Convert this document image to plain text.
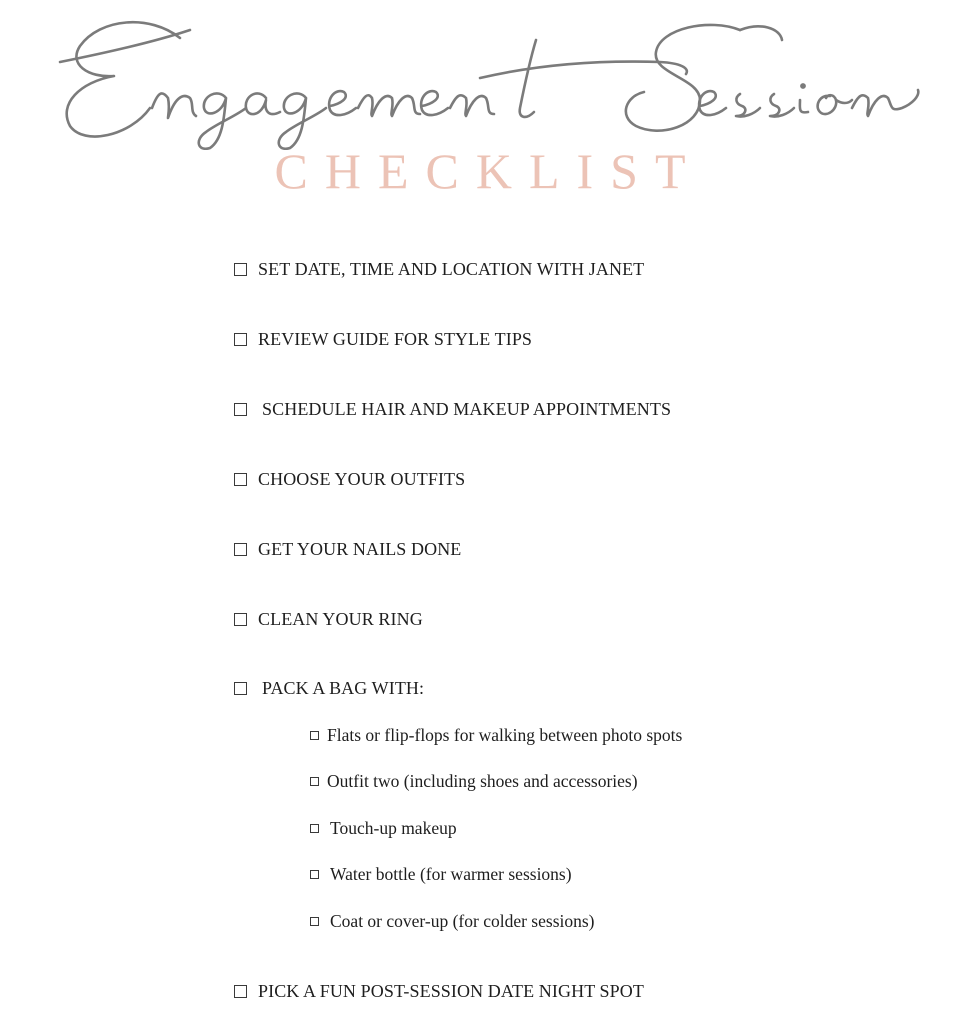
CHECKLIST
SET DATE, TIME AND LOCATION WITH JANET
REVIEW GUIDE FOR STYLE TIPS
SCHEDULE HAIR AND MAKEUP APPOINTMENTS
CHOOSE YOUR OUTFITS
GET YOUR NAILS DONE
CLEAN YOUR RING
PACK A BAG WITH:
Flats or flip-flops for walking between photo spots
Outfit two (including shoes and accessories)
Touch-up makeup
Water bottle (for warmer sessions)
Coat or cover-up (for colder sessions)
PICK A FUN POST-SESSION DATE NIGHT SPOT
